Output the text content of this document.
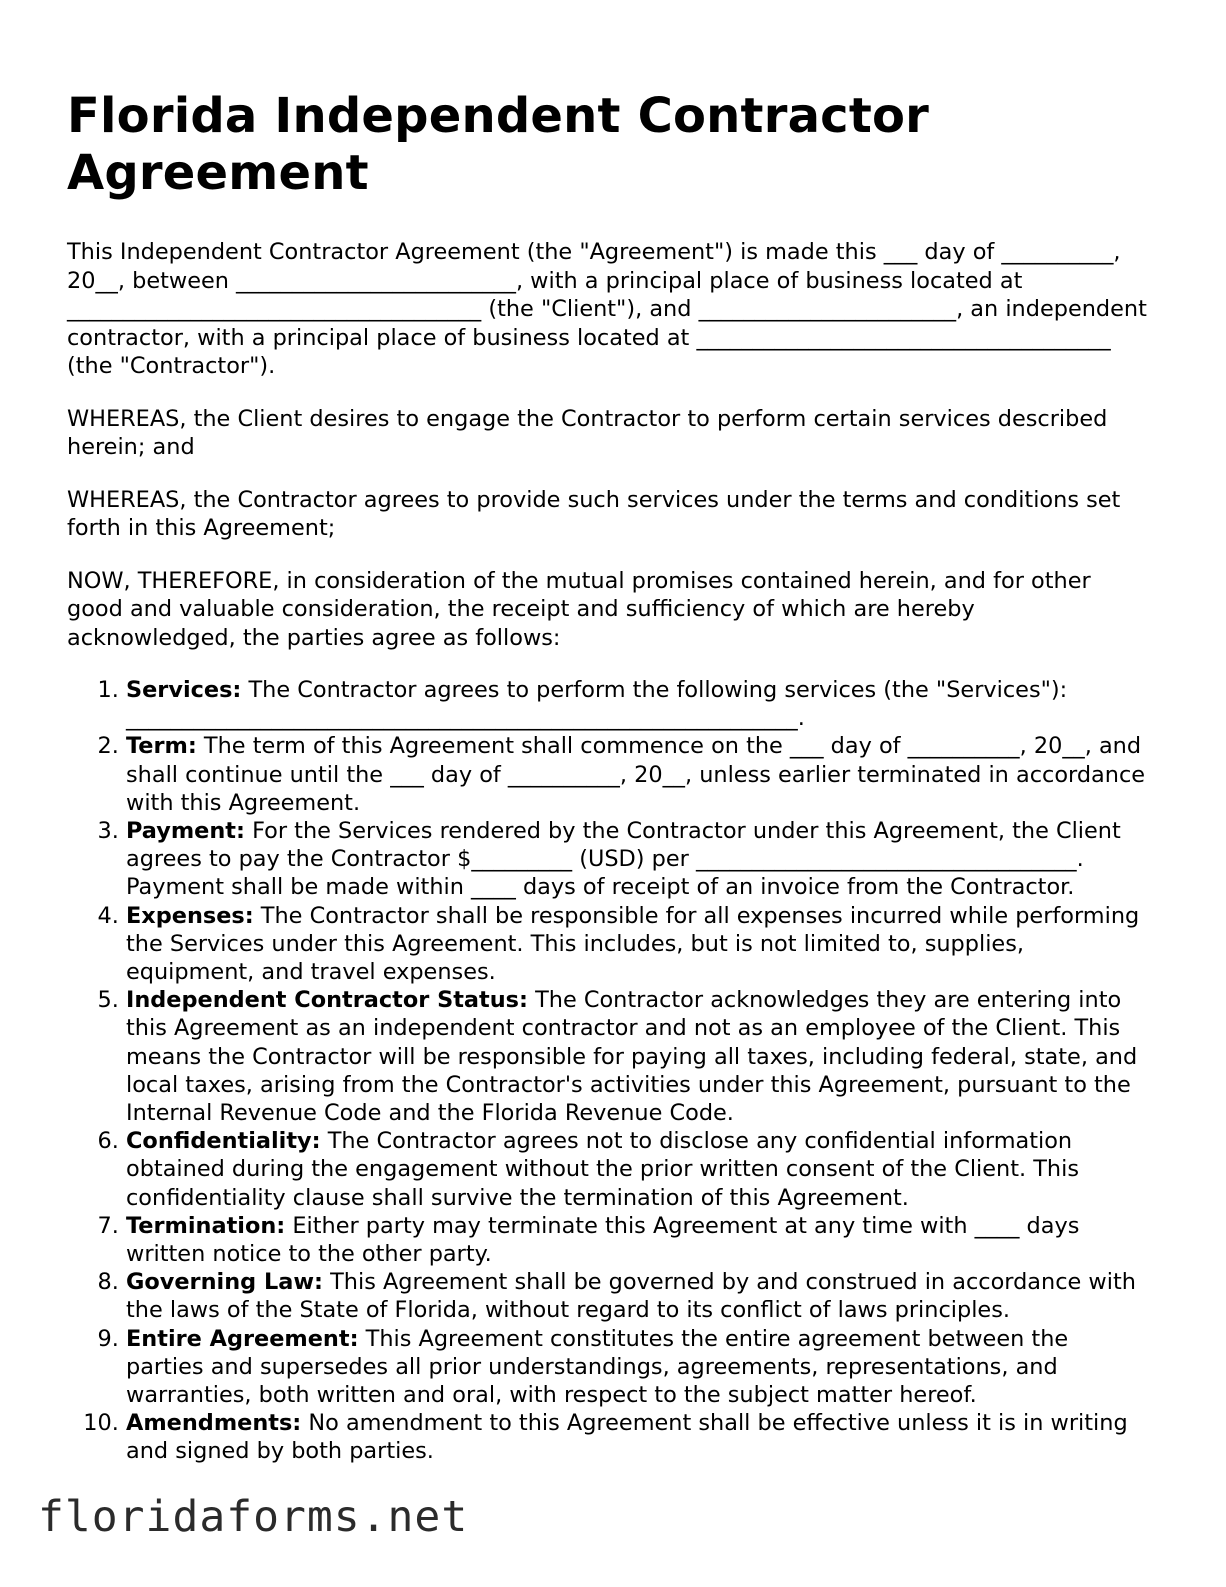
Florida Independent Contractor Agreement

This Independent Contractor Agreement (the "Agreement") is made this ___ day of __________, 20__, between _________________________, with a principal place of business located at _____________________________________ (the "Client"), and _______________________, an independent contractor, with a principal place of business located at _____________________________________ (the "Contractor").

WHEREAS, the Client desires to engage the Contractor to perform certain services described herein; and

WHEREAS, the Contractor agrees to provide such services under the terms and conditions set forth in this Agreement;

NOW, THEREFORE, in consideration of the mutual promises contained herein, and for other good and valuable consideration, the receipt and sufficiency of which are hereby acknowledged, the parties agree as follows:

1. Services: The Contractor agrees to perform the following services (the "Services"): ____________________________________________________________.
2. Term: The term of this Agreement shall commence on the ___ day of __________, 20__, and shall continue until the ___ day of __________, 20__, unless earlier terminated in accordance with this Agreement.
3. Payment: For the Services rendered by the Contractor under this Agreement, the Client agrees to pay the Contractor $_________ (USD) per __________________________________. Payment shall be made within ____ days of receipt of an invoice from the Contractor.
4. Expenses: The Contractor shall be responsible for all expenses incurred while performing the Services under this Agreement. This includes, but is not limited to, supplies, equipment, and travel expenses.
5. Independent Contractor Status: The Contractor acknowledges they are entering into this Agreement as an independent contractor and not as an employee of the Client. This means the Contractor will be responsible for paying all taxes, including federal, state, and local taxes, arising from the Contractor's activities under this Agreement, pursuant to the Internal Revenue Code and the Florida Revenue Code.
6. Confidentiality: The Contractor agrees not to disclose any confidential information obtained during the engagement without the prior written consent of the Client. This confidentiality clause shall survive the termination of this Agreement.
7. Termination: Either party may terminate this Agreement at any time with ____ days written notice to the other party.
8. Governing Law: This Agreement shall be governed by and construed in accordance with the laws of the State of Florida, without regard to its conflict of laws principles.
9. Entire Agreement: This Agreement constitutes the entire agreement between the parties and supersedes all prior understandings, agreements, representations, and warranties, both written and oral, with respect to the subject matter hereof.
10. Amendments: No amendment to this Agreement shall be effective unless it is in writing and signed by both parties.
floridaforms.net
